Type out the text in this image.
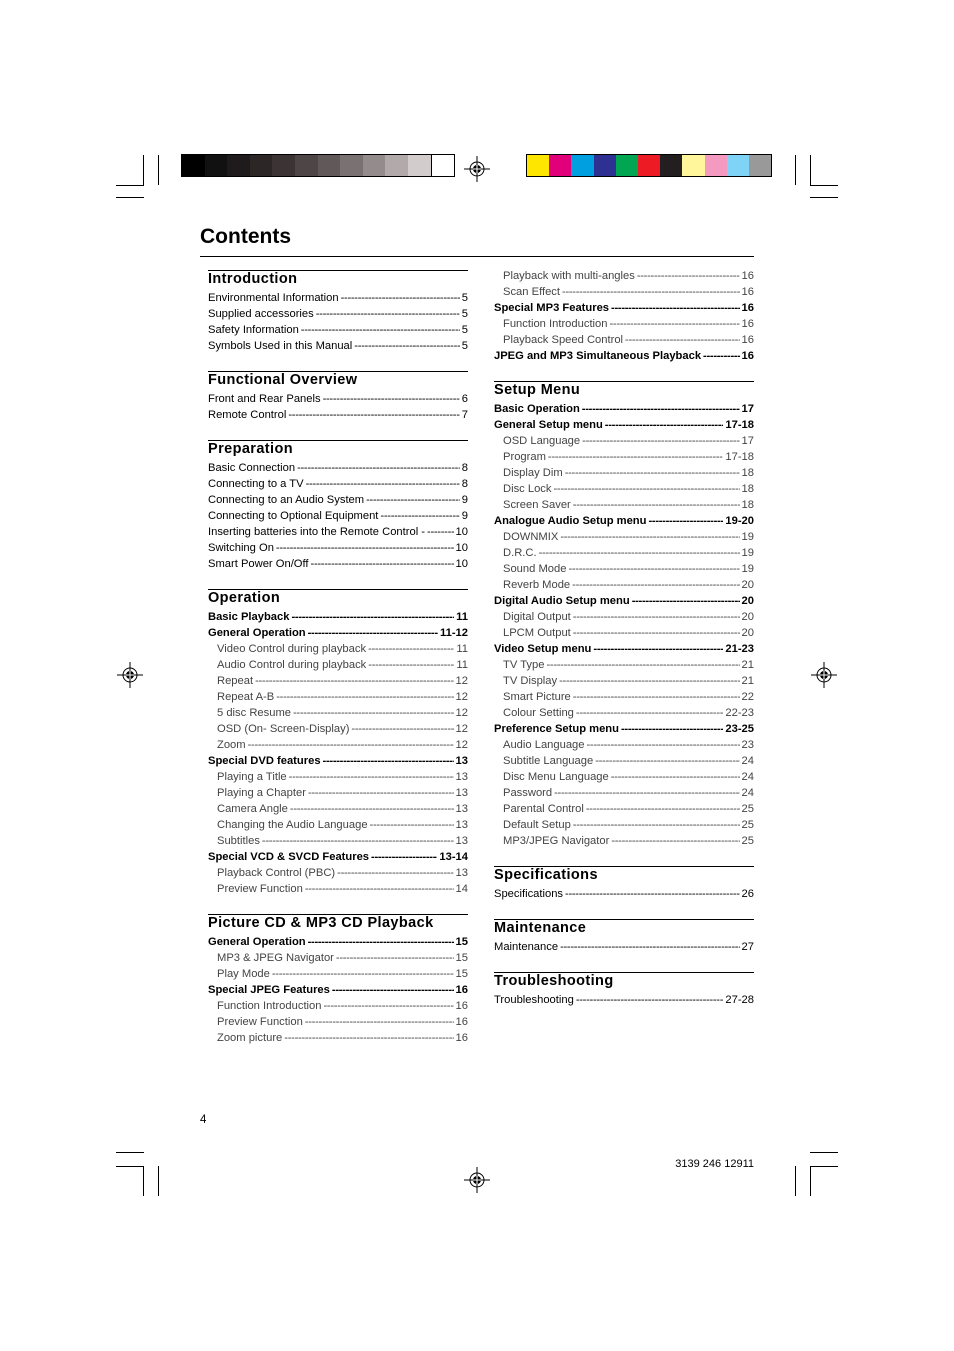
Contents
Introduction
Environmental Information -----	5
Supplied accessories -----	5
Safety Information -----	5
Symbols Used in this Manual -----	5
Functional Overview
Front and Rear Panels -----	6
Remote Control -----	7
Preparation
Basic Connection -----	8
Connecting to a TV -----	8
Connecting to an Audio System -----	9
Connecting to Optional Equipment -----	9
Inserting batteries into the Remote Control - -----	10
Switching On -----	10
Smart Power On/Off -----	10
Operation
Basic Playback -----	11
General Operation -----	11-12
Video Control during playback -----	11
Audio Control during playback -----	11
Repeat -----	12
Repeat A-B -----	12
5 disc Resume -----	12
OSD (On- Screen-Display) -----	12
Zoom -----	12
Special DVD features -----	13
Playing a Title -----	13
Playing a Chapter -----	13
Camera Angle -----	13
Changing the Audio Language -----	13
Subtitles -----	13
Special VCD & SVCD Features -----	13-14
Playback Control (PBC) -----	13
Preview Function -----	14
Picture CD & MP3 CD Playback
General Operation -----	15
MP3 & JPEG Navigator -----	15
Play Mode -----	15
Special JPEG Features -----	16
Function Introduction -----	16
Preview Function -----	16
Zoom picture -----	16
Playback with multi-angles -----	16
Scan Effect -----	16
Special MP3 Features -----	16
Function Introduction -----	16
Playback Speed Control -----	16
JPEG and MP3 Simultaneous Playback -----	16
Setup Menu
Basic Operation -----	17
General Setup menu -----	17-18
OSD Language -----	17
Program -----	17-18
Display Dim -----	18
Disc Lock -----	18
Screen Saver -----	18
Analogue Audio Setup menu -----	19-20
DOWNMIX -----	19
D.R.C. -----	19
Sound Mode -----	19
Reverb Mode -----	20
Digital Audio Setup menu -----	20
Digital Output -----	20
LPCM Output -----	20
Video Setup menu -----	21-23
TV Type -----	21
TV Display -----	21
Smart Picture -----	22
Colour Setting -----	22-23
Preference Setup menu -----	23-25
Audio Language -----	23
Subtitle Language -----	24
Disc Menu Language -----	24
Password -----	24
Parental Control -----	25
Default Setup -----	25
MP3/JPEG Navigator -----	25
Specifications
Specifications -----	26
Maintenance
Maintenance -----	27
Troubleshooting
Troubleshooting -----	27-28
4
3139 246 12911
